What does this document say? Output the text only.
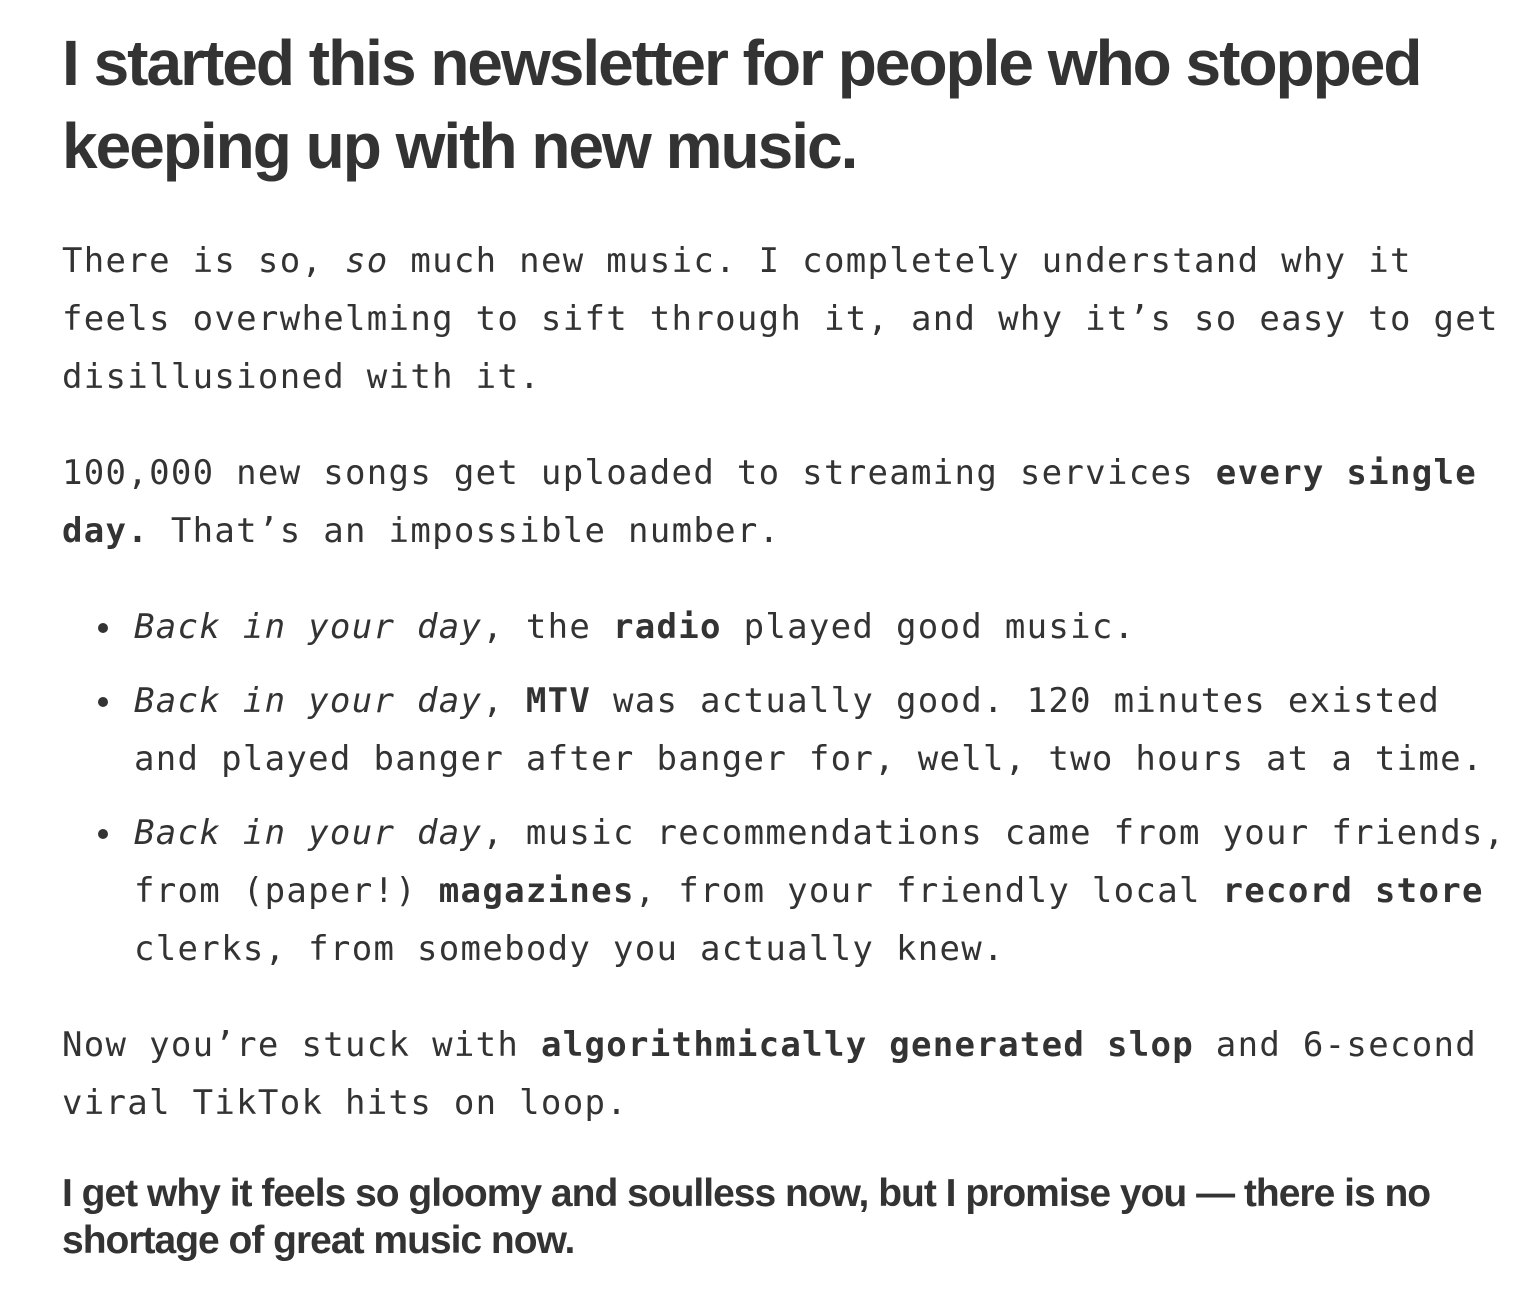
I started this newsletter for people who stopped keeping up with new music.

There is so, so much new music. I completely understand why it feels overwhelming to sift through it, and why it’s so easy to get disillusioned with it.

100,000 new songs get uploaded to streaming services every single day. That’s an impossible number.

Back in your day, the radio played good music.
Back in your day, MTV was actually good. 120 minutes existed and played banger after banger for, well, two hours at a time.
Back in your day, music recommendations came from your friends, from (paper!) magazines, from your friendly local record store clerks, from somebody you actually knew.

Now you’re stuck with algorithmically generated slop and 6-second viral TikTok hits on loop.

I get why it feels so gloomy and soulless now, but I promise you — there is no shortage of great music now.
